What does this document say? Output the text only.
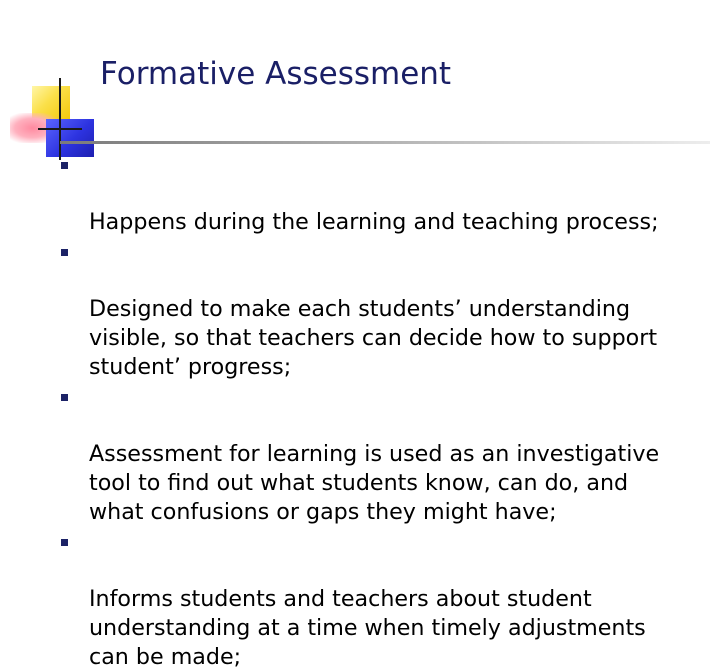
Formative Assessment

Happens during the learning and teaching process;

Designed to make each students’ understanding
visible, so that teachers can decide how to support
student’ progress;

Assessment for learning is used as an investigative
tool to find out what students know, can do, and
what confusions or gaps they might have;

Informs students and teachers about student
understanding at a time when timely adjustments
can be made;
